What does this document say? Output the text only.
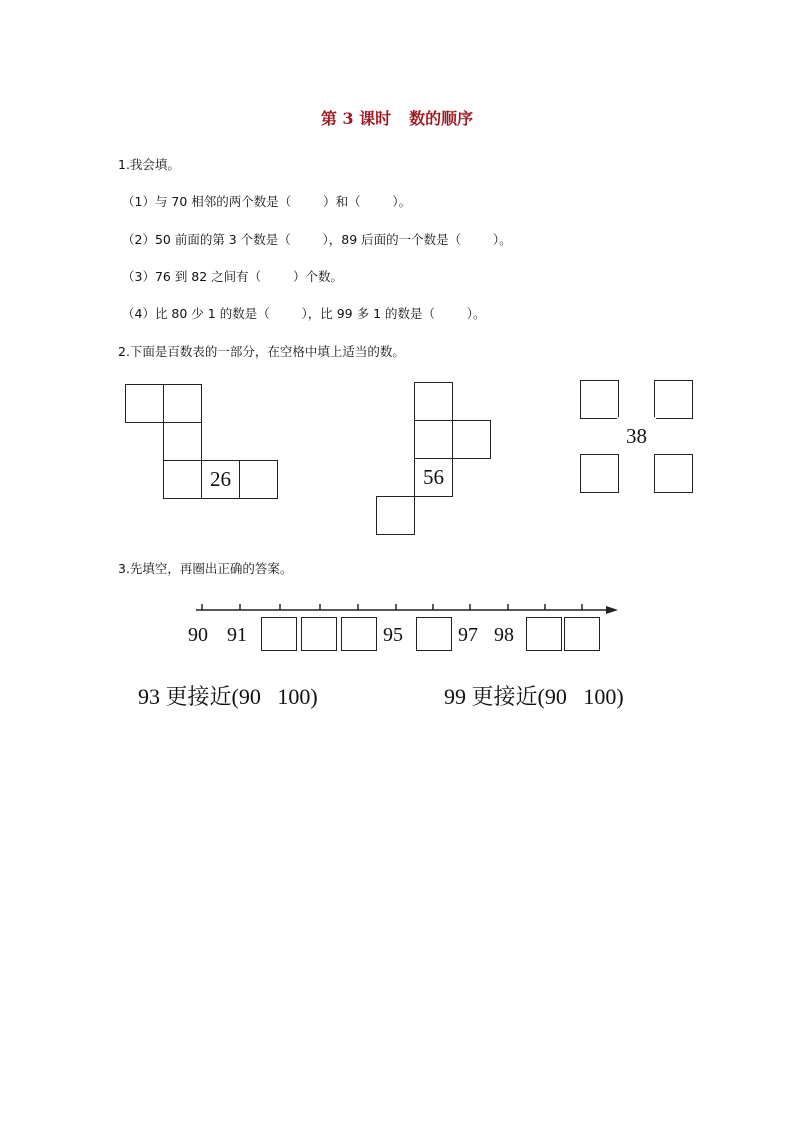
第 3 课时 数的顺序
1.我会填。
（1）与 70 相邻的两个数是（        ）和（        ）。
（2）50 前面的第 3 个数是（        ），89 后面的一个数是（        ）。
（3）76 到 82 之间有（        ）个数。
（4）比 80 少 1 的数是（        ），比 99 多 1 的数是（        ）。
2.下面是百数表的一部分，在空格中填上适当的数。
26	56
38
3.先填空，再圈出正确的答案。
90 91	95	97 98
93 更接近(90   100)	99 更接近(90   100)
